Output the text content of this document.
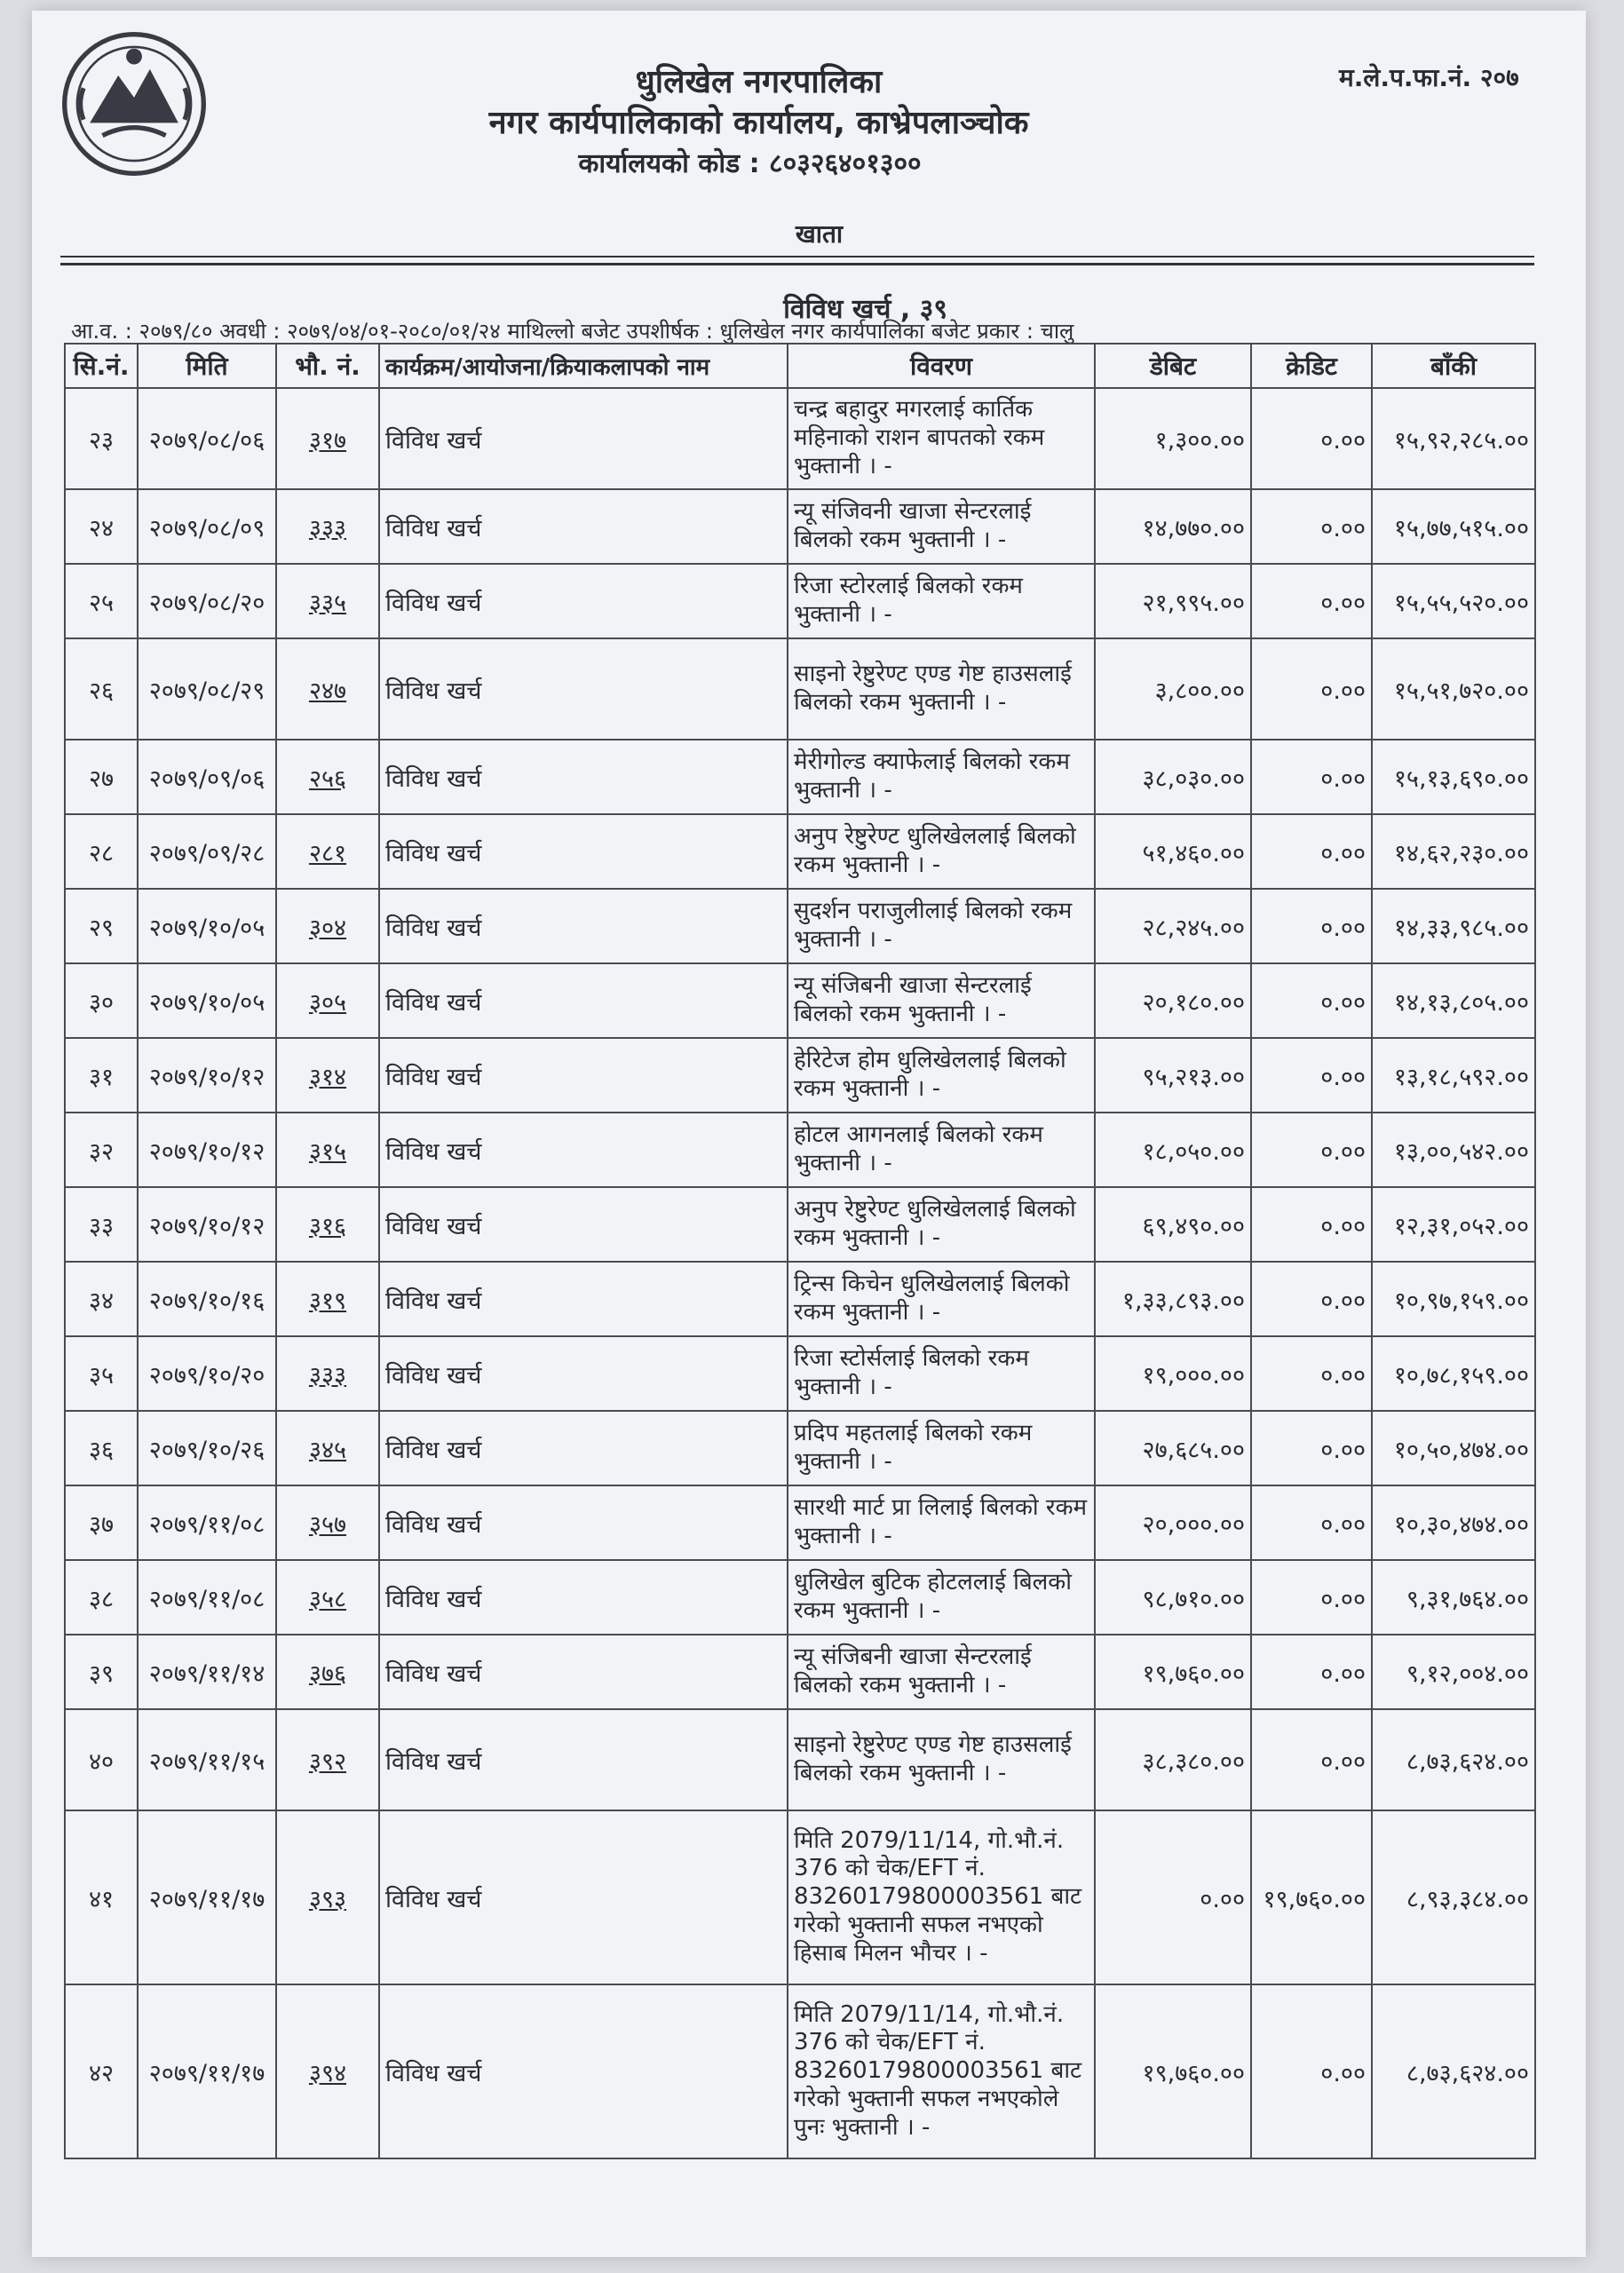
धुलिखेल नगरपालिका
नगर कार्यपालिकाको कार्यालय, काभ्रेपलाञ्चोक
कार्यालयको कोड : ८०३२६४०१३००
म.ले.प.फा.नं. २०७
खाता
विविध खर्च , ३९
आ.व. : २०७९/८० अवधी : २०७९/०४/०१-२०८०/०१/२४ माथिल्लो बजेट उपशीर्षक : धुलिखेल नगर कार्यपालिका बजेट प्रकार : चालु
सि.नं.	मिति	भौ. नं.	कार्यक्रम/आयोजना/क्रियाकलापको नाम	विवरण	डेबिट	क्रेडिट	बाँकी
२३	२०७९/०८/०६	३१७	विविध खर्च	चन्द्र बहादुर मगरलाई कार्तिक महिनाको राशन बापतको रकम भुक्तानी । -	१,३००.००	०.००	१५,९२,२८५.००
२४	२०७९/०८/०९	३३३	विविध खर्च	न्यू संजिवनी खाजा सेन्टरलाई बिलको रकम भुक्तानी । -	१४,७७०.००	०.००	१५,७७,५१५.००
२५	२०७९/०८/२०	३३५	विविध खर्च	रिजा स्टोरलाई बिलको रकम भुक्तानी । -	२१,९९५.००	०.००	१५,५५,५२०.००
२६	२०७९/०८/२९	२४७	विविध खर्च	साइनो रेष्टुरेण्ट एण्ड गेष्ट हाउसलाई बिलको रकम भुक्तानी । -	३,८००.००	०.००	१५,५१,७२०.००
२७	२०७९/०९/०६	२५६	विविध खर्च	मेरीगोल्ड क्याफेलाई बिलको रकम भुक्तानी । -	३८,०३०.००	०.००	१५,१३,६९०.००
२८	२०७९/०९/२८	२८१	विविध खर्च	अनुप रेष्टुरेण्ट धुलिखेललाई बिलको रकम भुक्तानी । -	५१,४६०.००	०.००	१४,६२,२३०.००
२९	२०७९/१०/०५	३०४	विविध खर्च	सुदर्शन पराजुलीलाई बिलको रकम भुक्तानी । -	२८,२४५.००	०.००	१४,३३,९८५.००
३०	२०७९/१०/०५	३०५	विविध खर्च	न्यू संजिबनी खाजा सेन्टरलाई बिलको रकम भुक्तानी । -	२०,१८०.००	०.००	१४,१३,८०५.००
३१	२०७९/१०/१२	३१४	विविध खर्च	हेरिटेज होम धुलिखेललाई बिलको रकम भुक्तानी । -	९५,२१३.००	०.००	१३,१८,५९२.००
३२	२०७९/१०/१२	३१५	विविध खर्च	होटल आगनलाई बिलको रकम भुक्तानी । -	१८,०५०.००	०.००	१३,००,५४२.००
३३	२०७९/१०/१२	३१६	विविध खर्च	अनुप रेष्टुरेण्ट धुलिखेललाई बिलको रकम भुक्तानी । -	६९,४९०.००	०.००	१२,३१,०५२.००
३४	२०७९/१०/१६	३१९	विविध खर्च	ट्रिन्स किचेन धुलिखेललाई बिलको रकम भुक्तानी । -	१,३३,८९३.००	०.००	१०,९७,१५९.००
३५	२०७९/१०/२०	३३३	विविध खर्च	रिजा स्टोर्सलाई बिलको रकम भुक्तानी । -	१९,०००.००	०.००	१०,७८,१५९.००
३६	२०७९/१०/२६	३४५	विविध खर्च	प्रदिप महतलाई बिलको रकम भुक्तानी । -	२७,६८५.००	०.००	१०,५०,४७४.००
३७	२०७९/११/०८	३५७	विविध खर्च	सारथी मार्ट प्रा लिलाई बिलको रकम भुक्तानी । -	२०,०००.००	०.००	१०,३०,४७४.००
३८	२०७९/११/०८	३५८	विविध खर्च	धुलिखेल बुटिक होटललाई बिलको रकम भुक्तानी । -	९८,७१०.००	०.००	९,३१,७६४.००
३९	२०७९/११/१४	३७६	विविध खर्च	न्यू संजिबनी खाजा सेन्टरलाई बिलको रकम भुक्तानी । -	१९,७६०.००	०.००	९,१२,००४.००
४०	२०७९/११/१५	३९२	विविध खर्च	साइनो रेष्टुरेण्ट एण्ड गेष्ट हाउसलाई बिलको रकम भुक्तानी । -	३८,३८०.००	०.००	८,७३,६२४.००
४१	२०७९/११/१७	३९३	विविध खर्च	मिति 2079/11/14, गो.भौ.नं. 376 को चेक/EFT नं. 83260179800003561 बाट गरेको भुक्तानी सफल नभएको हिसाब मिलन भौचर । -	०.००	१९,७६०.००	८,९३,३८४.००
४२	२०७९/११/१७	३९४	विविध खर्च	मिति 2079/11/14, गो.भौ.नं. 376 को चेक/EFT नं. 83260179800003561 बाट गरेको भुक्तानी सफल नभएकोले पुनः भुक्तानी । -	१९,७६०.००	०.००	८,७३,६२४.००
